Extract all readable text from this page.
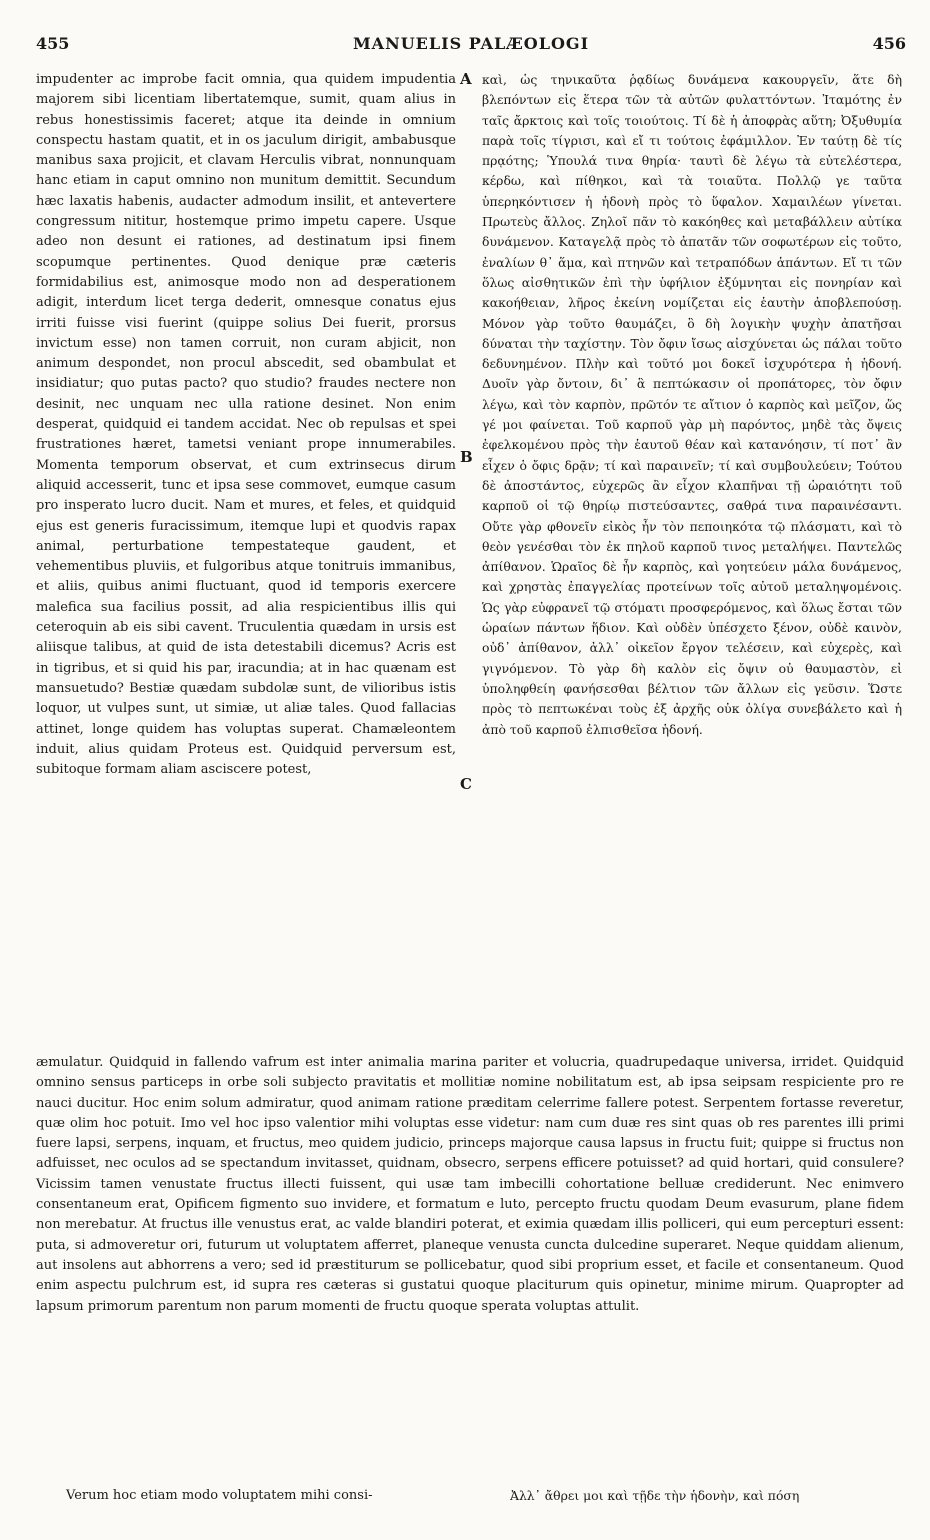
455	MANUELIS PALÆOLOGI	456
A
B
C
impudenter ac improbe facit omnia, qua quidem impudentia majorem sibi licentiam libertatemque, sumit, quam alius in rebus honestissimis faceret; atque ita deinde in omnium conspectu hastam quatit, et in os jaculum dirigit, ambabusque manibus saxa projicit, et clavam Herculis vibrat, nonnunquam hanc etiam in caput omnino non munitum demittit. Secundum hæc laxatis habenis, audacter admodum insilit, et antevertere congressum nititur, hostemque primo impetu capere. Usque adeo non desunt ei rationes, ad destinatum ipsi finem scopumque pertinentes. Quod denique præ cæteris formidabilius est, animosque modo non ad desperationem adigit, interdum licet terga dederit, omnesque conatus ejus irriti fuisse visi fuerint (quippe solius Dei fuerit, prorsus invictum esse) non tamen corruit, non curam abjicit, non animum despondet, non procul abscedit, sed obambulat et insidiatur; quo putas pacto? quo studio? fraudes nectere non desinit, nec unquam nec ulla ratione desinet. Non enim desperat, quidquid ei tandem accidat. Nec ob repulsas et spei frustrationes hæret, tametsi veniant prope innumerabiles. Momenta temporum observat, et cum extrinsecus dirum aliquid accesserit, tunc et ipsa sese commovet, eumque casum pro insperato lucro ducit. Nam et mures, et feles, et quidquid ejus est generis furacissimum, itemque lupi et quodvis rapax animal, perturbatione tempestateque gaudent, et vehementibus pluviis, et fulgoribus atque tonitruis immanibus, et aliis, quibus animi fluctuant, quod id temporis exercere malefica sua facilius possit, ad alia respicientibus illis qui ceteroquin ab eis sibi cavent. Truculentia quædam in ursis est aliisque talibus, at quid de ista detestabili dicemus? Acris est in tigribus, et si quid his par, iracundia; at in hac quænam est mansuetudo? Bestiæ quædam subdolæ sunt, de vilioribus istis loquor, ut vulpes sunt, ut simiæ, ut aliæ tales. Quod fallacias attinet, longe quidem has voluptas superat. Chamæleontem induit, alius quidam Proteus est. Quidquid perversum est, subitoque formam aliam asciscere potest,
καὶ, ὡς τηνικαῦτα ῥᾳδίως δυνάμενα κακουργεῖν, ἅτε δὴ βλεπόντων εἰς ἕτερα τῶν τὰ αὐτῶν φυλαττόντων. Ἰταμότης ἐν ταῖς ἄρκτοις καὶ τοῖς τοιούτοις. Τί δὲ ἡ ἀποφρὰς αὕτη; Ὀξυθυμία παρὰ τοῖς τίγρισι, καὶ εἴ τι τούτοις ἐφάμιλλον. Ἐν ταύτῃ δὲ τίς πρᾳότης; Ὑπουλά τινα θηρία· ταυτὶ δὲ λέγω τὰ εὐτελέστερα, κέρδω, καὶ πίθηκοι, καὶ τὰ τοιαῦτα. Πολλῷ γε ταῦτα ὑπερηκόντισεν ἡ ἡδονὴ πρὸς τὸ ὕφαλον. Χαμαιλέων γίνεται. Πρωτεὺς ἄλλος. Ζηλοῖ πᾶν τὸ κακόηθες καὶ μεταβάλλειν αὐτίκα δυνάμενον. Καταγελᾷ πρὸς τὸ ἀπατᾶν τῶν σοφωτέρων εἰς τοῦτο, ἐναλίων θ᾽ ἅμα, καὶ πτηνῶν καὶ τετραπόδων ἁπάντων. Εἴ τι τῶν ὅλως αἰσθητικῶν ἐπὶ τὴν ὑφήλιον ἐξύμνηται εἰς πονηρίαν καὶ κακοήθειαν, λῆρος ἐκείνη νομίζεται εἰς ἑαυτὴν ἀποβλεπούσῃ. Μόνον γὰρ τοῦτο θαυμάζει, ὃ δὴ λογικὴν ψυχὴν ἀπατῆσαι δύναται τὴν ταχίστην. Τὸν ὄφιν ἴσως αἰσχύνεται ὡς πάλαι τοῦτο δεδυνημένον. Πλὴν καὶ τοῦτό μοι δοκεῖ ἰσχυρότερα ἡ ἡδονή. Δυοῖν γὰρ ὄντοιν, δι᾽ ἃ πεπτώκασιν οἱ προπάτορες, τὸν ὄφιν λέγω, καὶ τὸν καρπὸν, πρῶτόν τε αἴτιον ὁ καρπὸς καὶ μεῖζον, ὥς γέ μοι φαίνεται. Τοῦ καρποῦ γὰρ μὴ παρόντος, μηδὲ τὰς ὄψεις ἐφελκομένου πρὸς τὴν ἑαυτοῦ θέαν καὶ κατανόησιν, τί ποτ᾽ ἂν εἶχεν ὁ ὄφις δρᾷν; τί καὶ παραινεῖν; τί καὶ συμβουλεύειν; Τούτου δὲ ἀποστάντος, εὐχερῶς ἂν εἶχον κλαπῆναι τῇ ὡραιότητι τοῦ καρποῦ οἱ τῷ θηρίῳ πιστεύσαντες, σαθρά τινα παραινέσαντι. Οὔτε γὰρ φθονεῖν εἰκὸς ἦν τὸν πεποιηκότα τῷ πλάσματι, καὶ τὸ θεὸν γενέσθαι τὸν ἐκ πηλοῦ καρποῦ τινος μεταλήψει. Παντελῶς ἀπίθανον. Ὡραῖος δὲ ἦν καρπὸς, καὶ γοητεύειν μάλα δυνάμενος, καὶ χρηστὰς ἐπαγγελίας προτείνων τοῖς αὐτοῦ μεταληψομένοις. Ὡς γὰρ εὐφρανεῖ τῷ στόματι προσφερόμενος, καὶ ὅλως ἔσται τῶν ὡραίων πάντων ἥδιον. Καὶ οὐδὲν ὑπέσχετο ξένον, οὐδὲ καινὸν, οὐδ᾽ ἀπίθανον, ἀλλ᾽ οἰκεῖον ἔργον τελέσειν, καὶ εὐχερὲς, καὶ γιγνόμενον. Τὸ γὰρ δὴ καλὸν εἰς ὄψιν οὐ θαυμαστὸν, εἰ ὑποληφθείη φανήσεσθαι βέλτιον τῶν ἄλλων εἰς γεῦσιν. Ὥστε πρὸς τὸ πεπτωκέναι τοὺς ἐξ ἀρχῆς οὐκ ὀλίγα συνεβάλετο καὶ ἡ ἀπὸ τοῦ καρποῦ ἐλπισθεῖσα ἡδονή.
æmulatur. Quidquid in fallendo vafrum est inter animalia marina pariter et volucria, quadrupedaque universa, irridet. Quidquid omnino sensus particeps in orbe soli subjecto pravitatis et mollitiæ nomine nobilitatum est, ab ipsa seipsam respiciente pro re nauci ducitur. Hoc enim solum admiratur, quod animam ratione præditam celerrime fallere potest. Serpentem fortasse reveretur, quæ olim hoc potuit. Imo vel hoc ipso valentior mihi voluptas esse videtur: nam cum duæ res sint quas ob res parentes illi primi fuere lapsi, serpens, inquam, et fructus, meo quidem judicio, princeps majorque causa lapsus in fructu fuit; quippe si fructus non adfuisset, nec oculos ad se spectandum invitasset, quidnam, obsecro, serpens efficere potuisset? ad quid hortari, quid consulere? Vicissim tamen venustate fructus illecti fuissent, qui usæ tam imbecilli cohortatione belluæ crediderunt. Nec enimvero consentaneum erat, Opificem figmento suo invidere, et formatum e luto, percepto fructu quodam Deum evasurum, plane fidem non merebatur. At fructus ille venustus erat, ac valde blandiri poterat, et eximia quædam illis polliceri, qui eum percepturi essent: puta, si admoveretur ori, futurum ut voluptatem afferret, planeque venusta cuncta dulcedine superaret. Neque quiddam alienum, aut insolens aut abhorrens a vero; sed id præstiturum se pollicebatur, quod sibi proprium esset, et facile et consentaneum. Quod enim aspectu pulchrum est, id supra res cæteras si gustatui quoque placiturum quis opinetur, minime mirum. Quapropter ad lapsum primorum parentum non parum momenti de fructu quoque sperata voluptas attulit.
Verum hoc etiam modo voluptatem mihi consi-	Ἀλλ᾽ ἄθρει μοι καὶ τῇδε τὴν ἡδονὴν, καὶ πόση
